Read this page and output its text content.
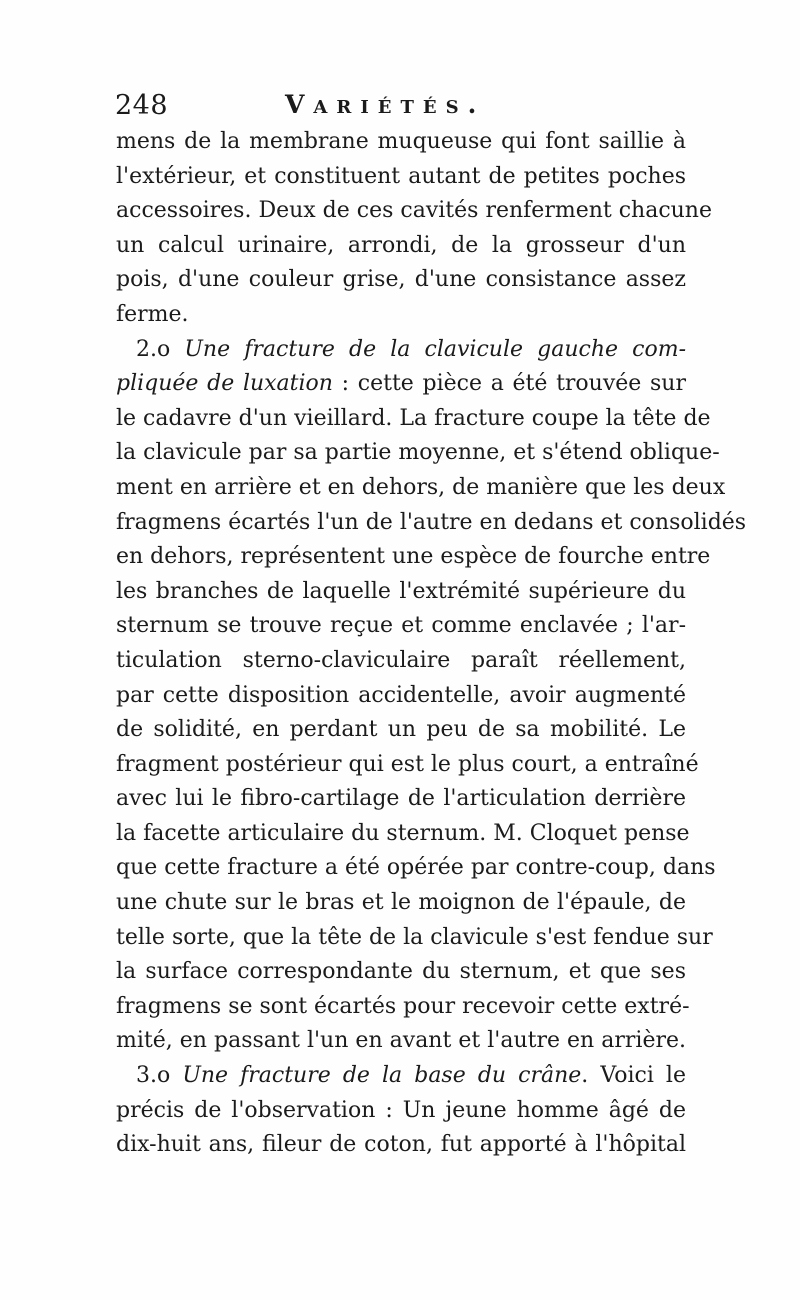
248	Variétés.
mens de la membrane muqueuse qui font saillie à
l'extérieur, et constituent autant de petites poches
accessoires. Deux de ces cavités renferment chacune
un calcul urinaire, arrondi, de la grosseur d'un
pois, d'une couleur grise, d'une consistance assez
ferme.
2.o Une fracture de la clavicule gauche com-
pliquée de luxation : cette pièce a été trouvée sur
le cadavre d'un vieillard. La fracture coupe la tête de
la clavicule par sa partie moyenne, et s'étend oblique-
ment en arrière et en dehors, de manière que les deux
fragmens écartés l'un de l'autre en dedans et consolidés
en dehors, représentent une espèce de fourche entre
les branches de laquelle l'extrémité supérieure du
sternum se trouve reçue et comme enclavée ; l'ar-
ticulation sterno-claviculaire paraît réellement,
par cette disposition accidentelle, avoir augmenté
de solidité, en perdant un peu de sa mobilité. Le
fragment postérieur qui est le plus court, a entraîné
avec lui le fibro-cartilage de l'articulation derrière
la facette articulaire du sternum. M. Cloquet pense
que cette fracture a été opérée par contre-coup, dans
une chute sur le bras et le moignon de l'épaule, de
telle sorte, que la tête de la clavicule s'est fendue sur
la surface correspondante du sternum, et que ses
fragmens se sont écartés pour recevoir cette extré-
mité, en passant l'un en avant et l'autre en arrière.
3.o Une fracture de la base du crâne. Voici le
précis de l'observation : Un jeune homme âgé de
dix-huit ans, fileur de coton, fut apporté à l'hôpital
